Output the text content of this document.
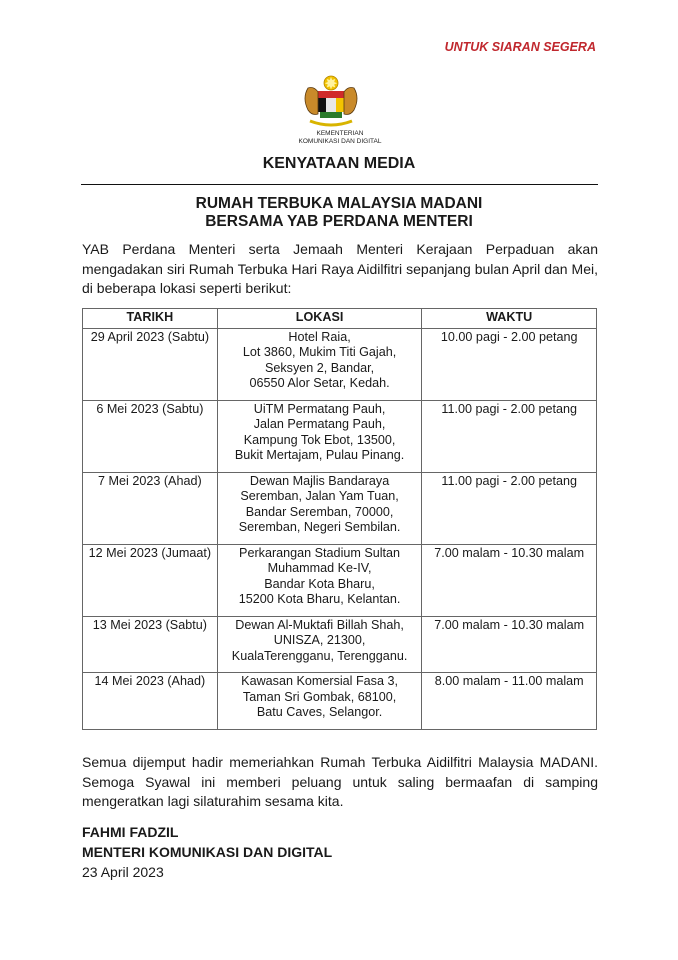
UNTUK SIARAN SEGERA
KEMENTERIAN
KOMUNIKASI DAN DIGITAL
KENYATAAN MEDIA
RUMAH TERBUKA MALAYSIA MADANI
BERSAMA YAB PERDANA MENTERI
YAB Perdana Menteri serta Jemaah Menteri Kerajaan Perpaduan akan mengadakan siri Rumah Terbuka Hari Raya Aidilfitri sepanjang bulan April dan Mei, di beberapa lokasi seperti berikut:
TARIKH	LOKASI	WAKTU
29 April 2023 (Sabtu)	Hotel Raia,
Lot 3860, Mukim Titi Gajah,
Seksyen 2, Bandar,
06550 Alor Setar, Kedah.	10.00 pagi - 2.00 petang
6 Mei 2023 (Sabtu)	UiTM Permatang Pauh,
Jalan Permatang Pauh,
Kampung Tok Ebot, 13500,
Bukit Mertajam, Pulau Pinang.	11.00 pagi - 2.00 petang
7 Mei 2023 (Ahad)	Dewan Majlis Bandaraya
Seremban, Jalan Yam Tuan,
Bandar Seremban, 70000,
Seremban, Negeri Sembilan.	11.00 pagi - 2.00 petang
12 Mei 2023 (Jumaat)	Perkarangan Stadium Sultan
Muhammad Ke-IV,
Bandar Kota Bharu,
15200 Kota Bharu, Kelantan.	7.00 malam - 10.30 malam
13 Mei 2023 (Sabtu)	Dewan Al-Muktafi Billah Shah,
UNISZA, 21300,
KualaTerengganu, Terengganu.	7.00 malam - 10.30 malam
14 Mei 2023 (Ahad)	Kawasan Komersial Fasa 3,
Taman Sri Gombak, 68100,
Batu Caves, Selangor.	8.00 malam - 11.00 malam
Semua dijemput hadir memeriahkan Rumah Terbuka Aidilfitri Malaysia MADANI. Semoga Syawal ini memberi peluang untuk saling bermaafan di samping mengeratkan lagi silaturahim sesama kita.
FAHMI FADZIL
MENTERI KOMUNIKASI DAN DIGITAL
23 April 2023
